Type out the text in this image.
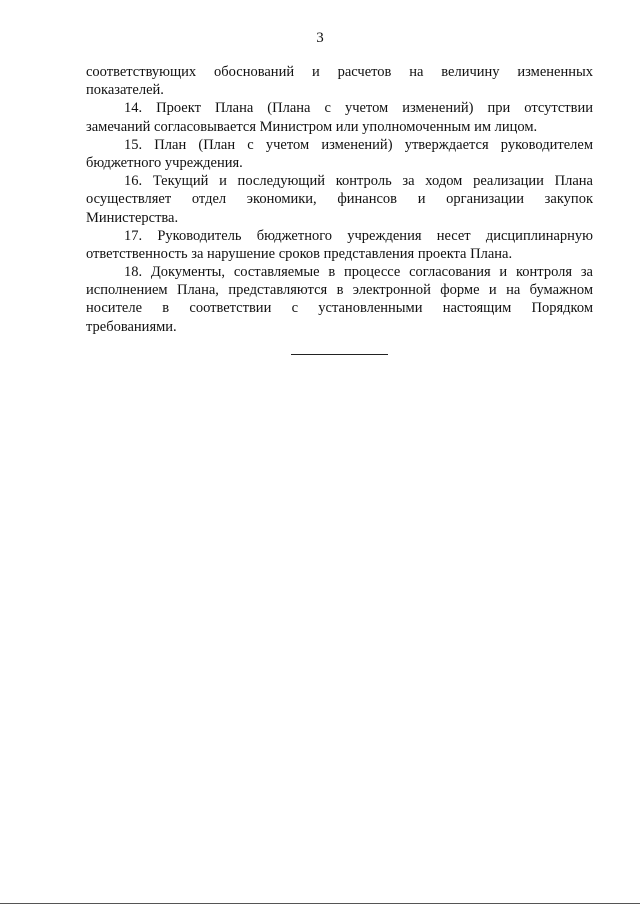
3
соответствующих обоснований и расчетов на величину измененных
показателей.
14. Проект Плана (Плана с учетом изменений) при отсутствии
замечаний согласовывается Министром или уполномоченным им лицом.
15. План (План с учетом изменений) утверждается руководителем
бюджетного учреждения.
16. Текущий и последующий контроль за ходом реализации Плана
осуществляет отдел экономики, финансов и организации закупок
Министерства.
17. Руководитель бюджетного учреждения несет дисциплинарную
ответственность за нарушение сроков представления проекта Плана.
18. Документы, составляемые в процессе согласования и контроля за
исполнением Плана, представляются в электронной форме и на бумажном
носителе в соответствии с установленными настоящим Порядком
требованиями.
